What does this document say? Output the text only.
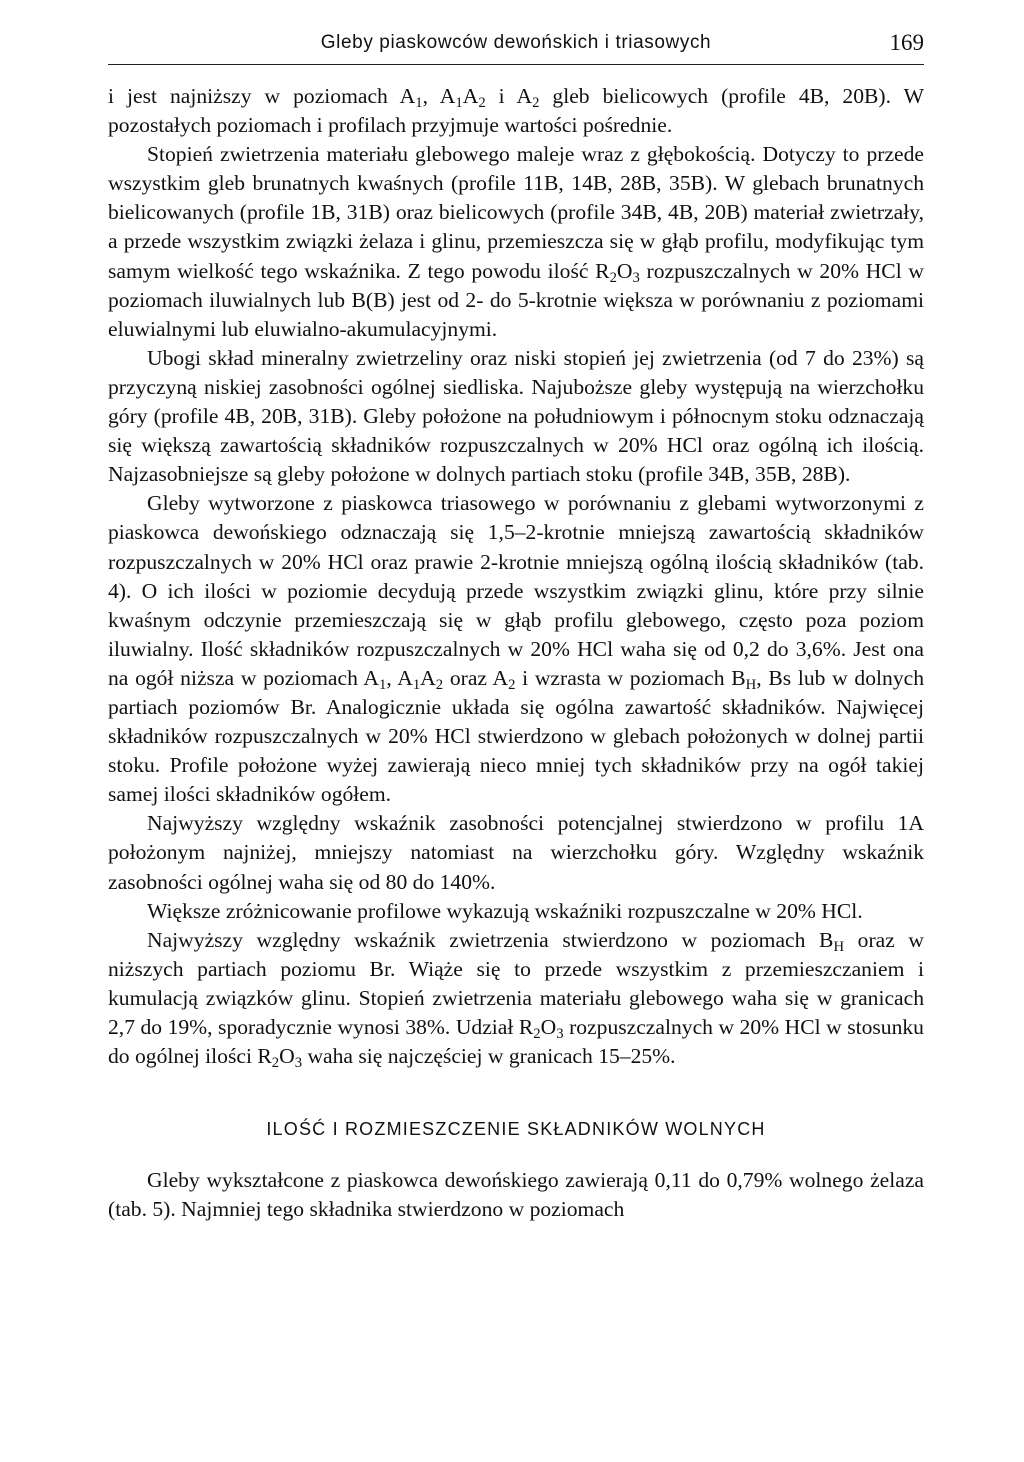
Gleby piaskowców dewońskich i triasowych	169

i jest najniższy w poziomach $A_1$, $A_1A_2$ i $A_2$ gleb bielicowych (profile 4B, 20B). W pozostałych poziomach i profilach przyjmuje wartości pośrednie.

Stopień zwietrzenia materiału glebowego maleje wraz z głębokością. Dotyczy to przede wszystkim gleb brunatnych kwaśnych (profile 11B, 14B, 28B, 35B). W glebach brunatnych bielicowanych (profile 1B, 31B) oraz bielicowych (profile 34B, 4B, 20B) materiał zwietrzały, a przede wszystkim związki żelaza i glinu, przemieszcza się w głąb profilu, modyfikując tym samym wielkość tego wskaźnika. Z tego powodu ilość $R_2O_3$ rozpuszczalnych w 20% HCl w poziomach iluwialnych lub B(B) jest od 2- do 5-krotnie większa w porównaniu z poziomami eluwialnymi lub eluwialno-akumulacyjnymi.

Ubogi skład mineralny zwietrzeliny oraz niski stopień jej zwietrzenia (od 7 do 23%) są przyczyną niskiej zasobności ogólnej siedliska. Najuboższe gleby występują na wierzchołku góry (profile 4B, 20B, 31B). Gleby położone na południowym i północnym stoku odznaczają się większą zawartością składników rozpuszczalnych w 20% HCl oraz ogólną ich ilością. Najzasobniejsze są gleby położone w dolnych partiach stoku (profile 34B, 35B, 28B).

Gleby wytworzone z piaskowca triasowego w porównaniu z glebami wytworzonymi z piaskowca dewońskiego odznaczają się 1,5–2-krotnie mniejszą zawartością składników rozpuszczalnych w 20% HCl oraz prawie 2-krotnie mniejszą ogólną ilością składników (tab. 4). O ich ilości w poziomie decydują przede wszystkim związki glinu, które przy silnie kwaśnym odczynie przemieszczają się w głąb profilu glebowego, często poza poziom iluwialny. Ilość składników rozpuszczalnych w 20% HCl waha się od 0,2 do 3,6%. Jest ona na ogół niższa w poziomach $A_1$, $A_1A_2$ oraz $A_2$ i wzrasta w poziomach $B_H$, Bs lub w dolnych partiach poziomów Br. Analogicznie układa się ogólna zawartość składników. Najwięcej składników rozpuszczalnych w 20% HCl stwierdzono w glebach położonych w dolnej partii stoku. Profile położone wyżej zawierają nieco mniej tych składników przy na ogół takiej samej ilości składników ogółem.

Najwyższy względny wskaźnik zasobności potencjalnej stwierdzono w profilu 1A położonym najniżej, mniejszy natomiast na wierzchołku góry. Względny wskaźnik zasobności ogólnej waha się od 80 do 140%.

Większe zróżnicowanie profilowe wykazują wskaźniki rozpuszczalne w 20% HCl.

Najwyższy względny wskaźnik zwietrzenia stwierdzono w poziomach $B_H$ oraz w niższych partiach poziomu Br. Wiąże się to przede wszystkim z przemieszczaniem i kumulacją związków glinu. Stopień zwietrzenia materiału glebowego waha się w granicach 2,7 do 19%, sporadycznie wynosi 38%. Udział $R_2O_3$ rozpuszczalnych w 20% HCl w stosunku do ogólnej ilości $R_2O_3$ waha się najczęściej w granicach 15–25%.

ILOŚĆ I ROZMIESZCZENIE SKŁADNIKÓW WOLNYCH

Gleby wykształcone z piaskowca dewońskiego zawierają 0,11 do 0,79% wolnego żelaza (tab. 5). Najmniej tego składnika stwierdzono w poziomach
